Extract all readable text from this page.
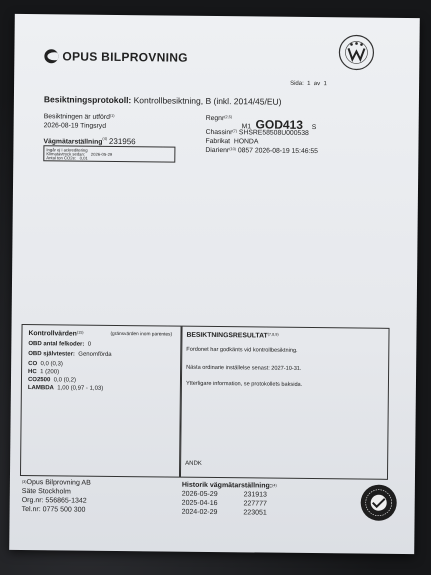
OPUS BILPROVNING
Sida: 1 av 1
Besiktningsprotokoll: Kontrollbesiktning, B (inkl. 2014/45/EU)
Besiktningen är utförd$^{(1)}$
2026-08-19 Tingsryd
Vägmätarställning$^{(4)}$ 231956
Ingår ej i ackreditering
Klimatavtryck sedan: 2026-05-29
Antal ton CO2e: 0,01
Regnr$^{(2,5)}$
M1 GOD413 S
Chassinr$^{(7)}$ SHSRE58508U000538
Fabrikat HONDA
Diarienr$^{(10)}$ 0857 2026-08-19 15:46:55
Kontrollvärden$^{(15)}$	(gränsvärden inom parentes)
OBD antal felkoder: 0
OBD självtester: Genomförda
CO 0,0 (0,3)
HC 1 (200)
CO2500 0,0 (0,2)
LAMBDA 1,00 (0,97 - 1,03)
BESIKTNINGSRESULTAT$^{(7,8,9)}$
Fordonet har godkänts vid kontrollbesiktning.
Nästa ordinarie inställelse senast: 2027-10-31.
Ytterligare information, se protokollets baksida.
ANDK
$^{(3)}$Opus Bilprovning AB
Säte Stockholm
Org.nr: 556865-1342
Tel.nr: 0775 500 300
Historik vägmätarställning:$^{(4)}$
2026-05-29	231913
2025-04-16	227777
2024-02-29	223051
